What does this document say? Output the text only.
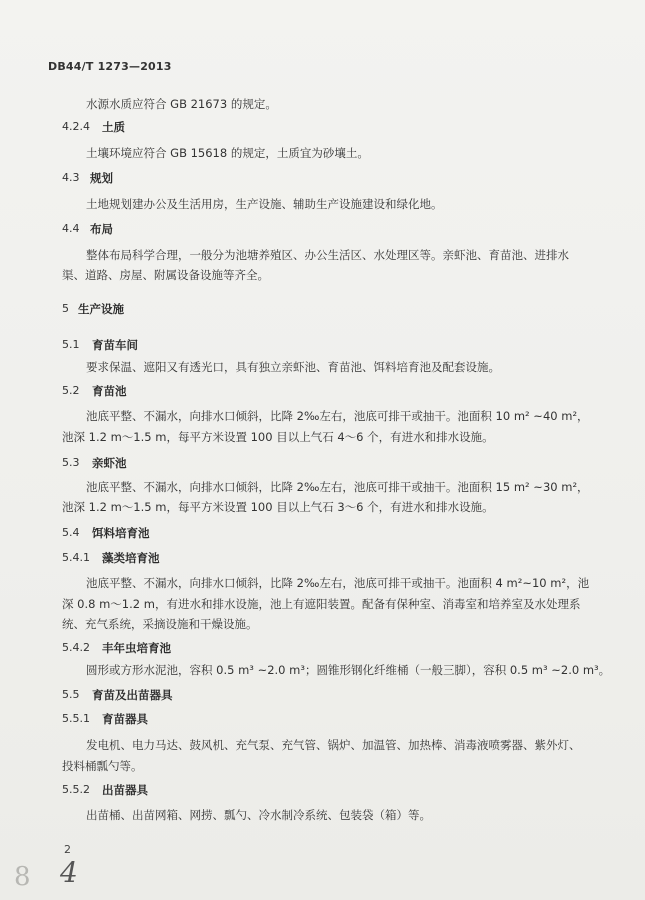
DB44/T 1273—2013
水源水质应符合 GB 21673 的规定。
4.2.4 土质
土壤环境应符合 GB 15618 的规定，土质宜为砂壤土。
4.3 规划
土地规划建办公及生活用房，生产设施、辅助生产设施建设和绿化地。
4.4 布局
整体布局科学合理，一般分为池塘养殖区、办公生活区、水处理区等。亲虾池、育苗池、进排水
渠、道路、房屋、附属设备设施等齐全。
5 生产设施
5.1 育苗车间
要求保温、遮阳又有透光口，具有独立亲虾池、育苗池、饵料培育池及配套设施。
5.2 育苗池
池底平整、不漏水，向排水口倾斜，比降 2‰左右，池底可排干或抽干。池面积 10 m² ~40 m²，
池深 1.2 m～1.5 m，每平方米设置 100 目以上气石 4～6 个，有进水和排水设施。
5.3 亲虾池
池底平整、不漏水，向排水口倾斜，比降 2‰左右，池底可排干或抽干。池面积 15 m² ~30 m²，
池深 1.2 m～1.5 m，每平方米设置 100 目以上气石 3～6 个，有进水和排水设施。
5.4 饵料培育池
5.4.1 藻类培育池
池底平整、不漏水，向排水口倾斜，比降 2‰左右，池底可排干或抽干。池面积 4 m²~10 m²，池
深 0.8 m～1.2 m，有进水和排水设施，池上有遮阳装置。配备有保种室、消毒室和培养室及水处理系
统、充气系统，采摘设施和干燥设施。
5.4.2 丰年虫培育池
圆形或方形水泥池，容积 0.5 m³ ~2.0 m³；圆锥形钢化纤维桶（一般三脚），容积 0.5 m³ ~2.0 m³。
5.5 育苗及出苗器具
5.5.1 育苗器具
发电机、电力马达、鼓风机、充气泵、充气管、锅炉、加温管、加热棒、消毒液喷雾器、紫外灯、
投料桶瓢勺等。
5.5.2 出苗器具
出苗桶、出苗网箱、网捞、瓢勺、冷水制冷系统、包装袋（箱）等。
2
8 4
